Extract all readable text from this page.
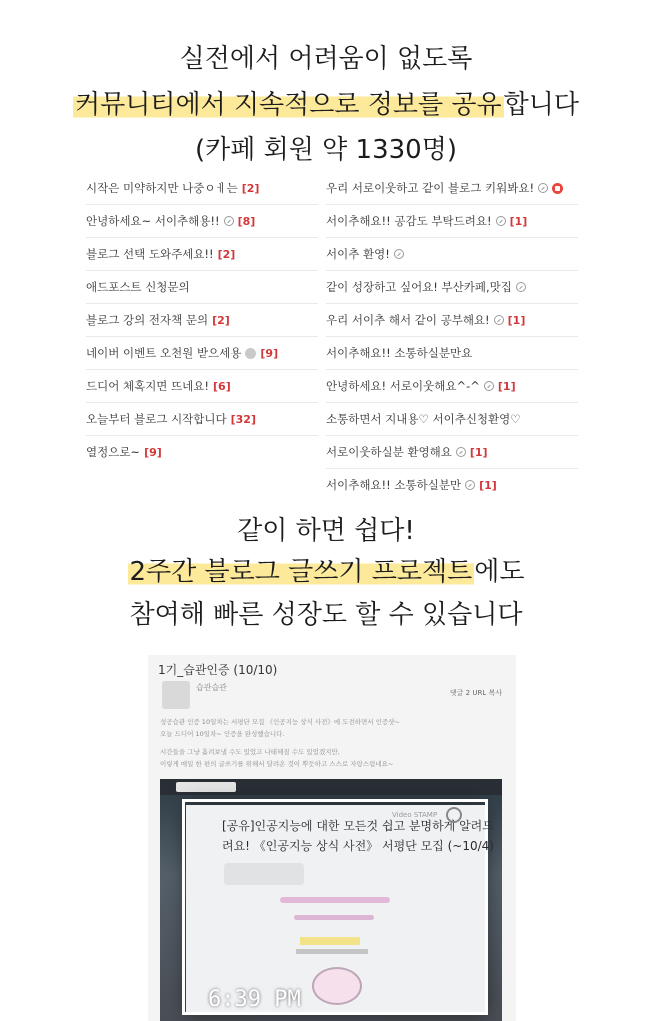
실전에서 어려움이 없도록
커뮤니티에서 지속적으로 정보를 공유합니다
(카페 회원 약 1330명)
시작은 미약하지만 나중ㅇㅔ는 [2]
안녕하세요~ 서이추해용!! [8]
블로그 선택 도와주세요!! [2]
애드포스트 신청문의
블로그 강의 전자책 문의 [2]
네이버 이벤트 오천원 받으세용 [9]
드디어 체혹지면 뜨네요! [6]
오늘부터 블로그 시작합니다 [32]
열정으로~ [9]
우리 서로이웃하고 같이 블로그 키워봐요!
서이추해요!! 공감도 부탁드려요! [1]
서이추 환영!
같이 성장하고 싶어요! 부산카페,맛집
우리 서이추 해서 같이 공부해요! [1]
서이추해요!! 소통하실분만요
안녕하세요! 서로이웃해요^-^ [1]
소통하면서 지내용♡ 서이추신청환영♡
서로이웃하실분 환영해요 [1]
서이추해요!! 소통하실분만 [1]
같이 하면 쉽다!
2주간 블로그 글쓰기 프로젝트에도
참여해 빠른 성장도 할 수 있습니다
1기_습관인증 (10/10)
습관습관
댓글 2 URL 복사
성공습관 인증 10일차는 서평단 모집 《인공지능 상식 사전》에 도전하면서 인증샷~
오늘 드디어 10일차~ 인증을 완성했습니다.
시간들을 그냥 흘려보낼 수도 있었고 나태해질 수도 있었겠지만,
이렇게 매일 한 편의 글쓰기를 위해서 달려온 것이 뿌듯하고 스스로 자랑스럽네요~
[공유]인공지능에 대한 모든것 쉽고 분명하게 알려드
려요! 《인공지능 상식 사전》 서평단 모집 (~10/4)
Video STAMP
6:39 PM
